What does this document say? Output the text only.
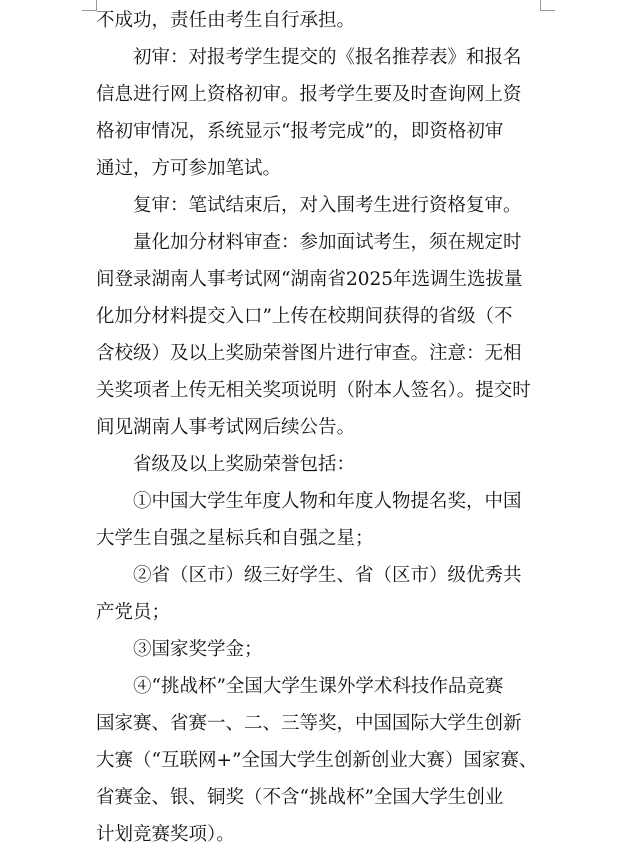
不成功，责任由考生自行承担。
初审：对报考学生提交的《报名推荐表》和报名
信息进行网上资格初审。报考学生要及时查询网上资
格初审情况，系统显示“报考完成”的，即资格初审
通过，方可参加笔试。
复审：笔试结束后，对入围考生进行资格复审。
量化加分材料审查：参加面试考生，须在规定时
间登录湖南人事考试网“湖南省2025年选调生选拔量
化加分材料提交入口”上传在校期间获得的省级（不
含校级）及以上奖励荣誉图片进行审查。注意：无相
关奖项者上传无相关奖项说明（附本人签名）。提交时
间见湖南人事考试网后续公告。
省级及以上奖励荣誉包括：
①中国大学生年度人物和年度人物提名奖，中国
大学生自强之星标兵和自强之星；
②省（区市）级三好学生、省（区市）级优秀共
产党员；
③国家奖学金；
④“挑战杯”全国大学生课外学术科技作品竞赛
国家赛、省赛一、二、三等奖，中国国际大学生创新
大赛（“互联网+”全国大学生创新创业大赛）国家赛、
省赛金、银、铜奖（不含“挑战杯”全国大学生创业
计划竞赛奖项）。
